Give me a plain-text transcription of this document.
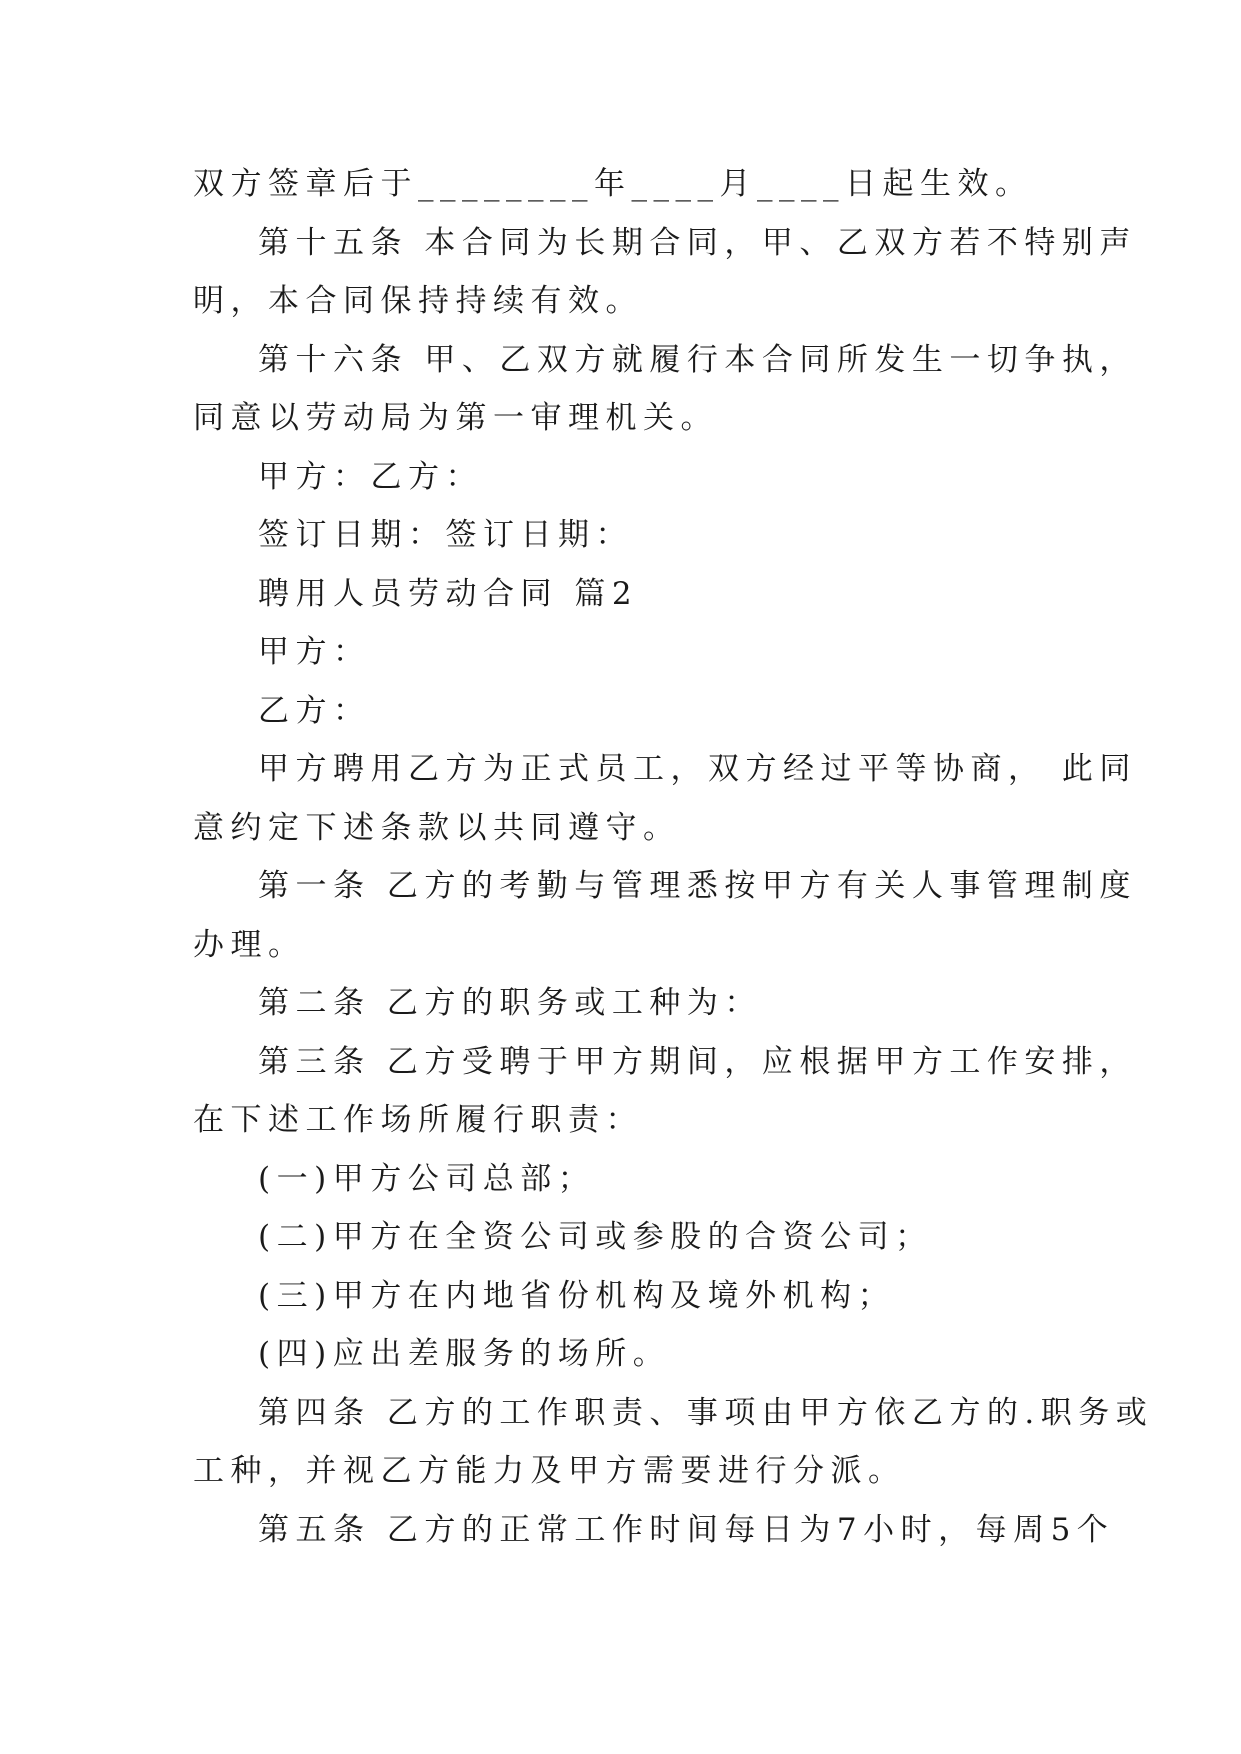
双方签章后于________年____月____日起生效。
第十五条 本合同为长期合同，甲、乙双方若不特别声
明，本合同保持持续有效。
第十六条 甲、乙双方就履行本合同所发生一切争执，
同意以劳动局为第一审理机关。
甲方：乙方：
签订日期：签订日期：
聘用人员劳动合同 篇2
甲方：
乙方：
甲方聘用乙方为正式员工，双方经过平等协商， 此同
意约定下述条款以共同遵守。
第一条 乙方的考勤与管理悉按甲方有关人事管理制度
办理。
第二条 乙方的职务或工种为：
第三条 乙方受聘于甲方期间，应根据甲方工作安排，
在下述工作场所履行职责：
(一)甲方公司总部；
(二)甲方在全资公司或参股的合资公司；
(三)甲方在内地省份机构及境外机构；
(四)应出差服务的场所。
第四条 乙方的工作职责、事项由甲方依乙方的.职务或
工种，并视乙方能力及甲方需要进行分派。
第五条 乙方的正常工作时间每日为7小时，每周5个
